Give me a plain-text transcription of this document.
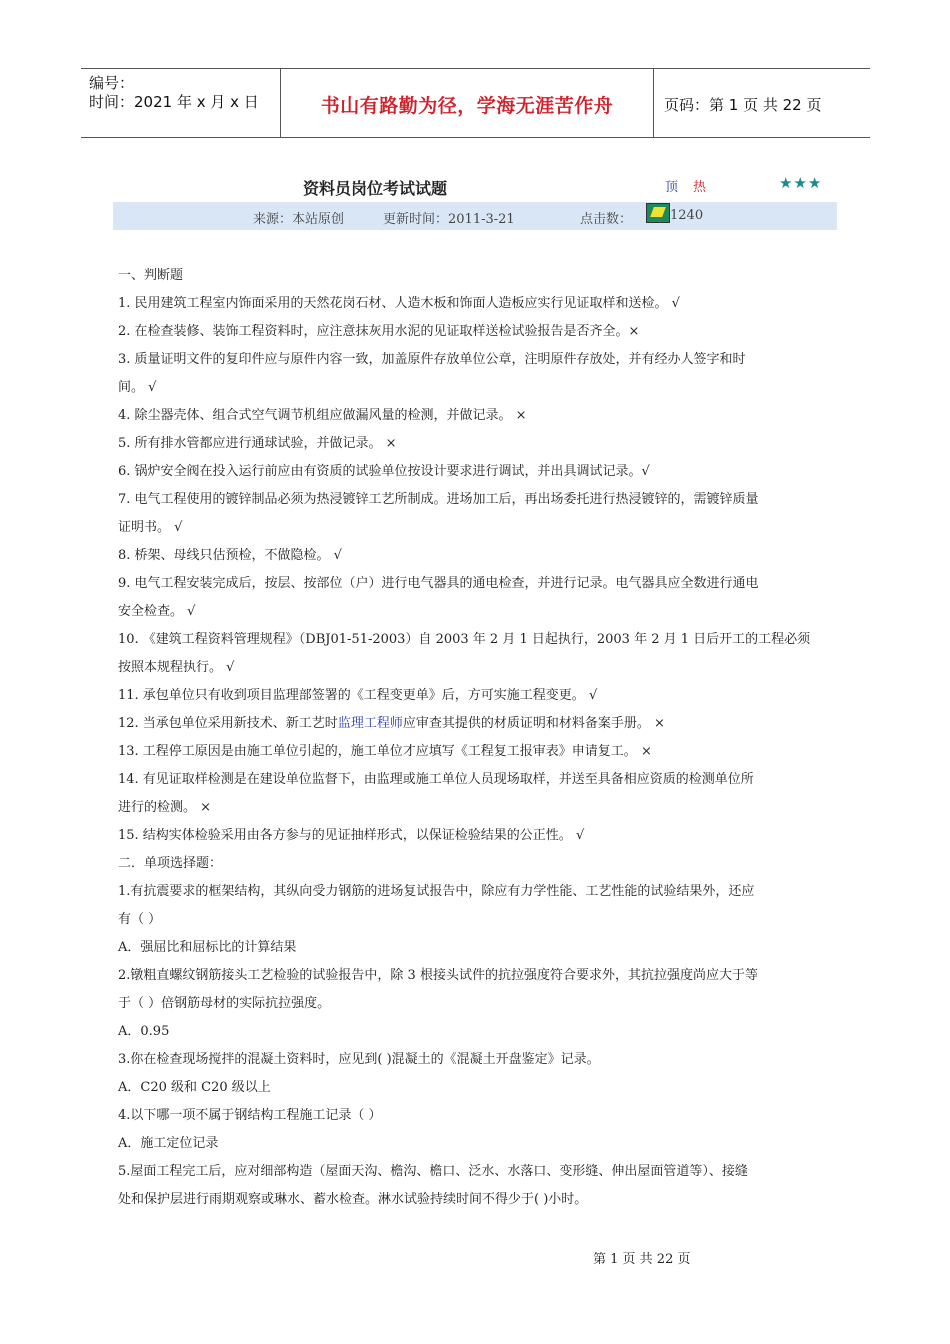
编号：
时间：2021 年 x 月 x 日	书山有路勤为径，学海无涯苦作舟	页码：第 1 页 共 22 页
资料员岗位考试试题	顶 热	★★★
来源：本站原创	更新时间：2011-3-21	点击数：	1240
一、判断题
1. 民用建筑工程室内饰面采用的天然花岗石材、人造木板和饰面人造板应实行见证取样和送检。 √
2. 在检查装修、装饰工程资料时，应注意抹灰用水泥的见证取样送检试验报告是否齐全。×
3. 质量证明文件的复印件应与原件内容一致，加盖原件存放单位公章，注明原件存放处，并有经办人签字和时
间。 √
4. 除尘器壳体、组合式空气调节机组应做漏风量的检测，并做记录。 ×
5. 所有排水管都应进行通球试验，并做记录。 ×
6. 锅炉安全阀在投入运行前应由有资质的试验单位按设计要求进行调试，并出具调试记录。√
7. 电气工程使用的镀锌制品必须为热浸镀锌工艺所制成。进场加工后，再出场委托进行热浸镀锌的，需镀锌质量
证明书。 √
8. 桥架、母线只估预检，不做隐检。 √
9. 电气工程安装完成后，按层、按部位（户）进行电气器具的通电检查，并进行记录。电气器具应全数进行通电
安全检查。 √
10. 《建筑工程资料管理规程》（DBJ01-51-2003）自 2003 年 2 月 1 日起执行，2003 年 2 月 1 日后开工的工程必须
按照本规程执行。 √
11. 承包单位只有收到项目监理部签署的《工程变更单》后，方可实施工程变更。 √
12. 当承包单位采用新技术、新工艺时监理工程师应审查其提供的材质证明和材料备案手册。 ×
13. 工程停工原因是由施工单位引起的，施工单位才应填写《工程复工报审表》申请复工。 ×
14. 有见证取样检测是在建设单位监督下，由监理或施工单位人员现场取样，并送至具备相应资质的检测单位所
进行的检测。 ×
15. 结构实体检验采用由各方参与的见证抽样形式，以保证检验结果的公正性。 √
二．单项选择题：
1.有抗震要求的框架结构，其纵向受力钢筋的进场复试报告中，除应有力学性能、工艺性能的试验结果外，还应
有（ ）
A．强屈比和屈标比的计算结果
2.镦粗直螺纹钢筋接头工艺检验的试验报告中，除 3 根接头试件的抗拉强度符合要求外，其抗拉强度尚应大于等
于（ ）倍钢筋母材的实际抗拉强度。
A．0.95
3.你在检查现场搅拌的混凝土资料时，应见到( )混凝土的《混凝土开盘鉴定》记录。
A．C20 级和 C20 级以上
4.以下哪一项不属于钢结构工程施工记录（ ）
A．施工定位记录
5.屋面工程完工后，应对细部构造（屋面天沟、檐沟、檐口、泛水、水落口、变形缝、伸出屋面管道等）、接缝
处和保护层进行雨期观察或琳水、蓄水检查。淋水试验持续时间不得少于( )小时。
第 1 页 共 22 页
